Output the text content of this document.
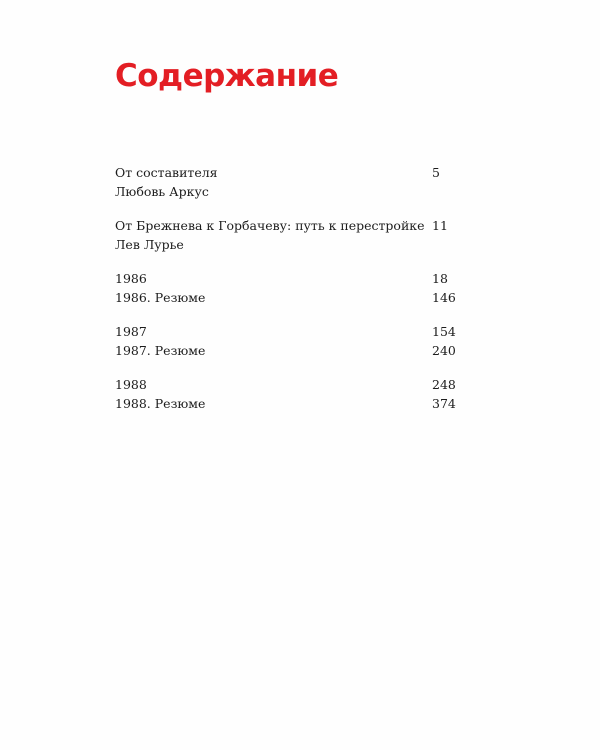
Содержание
От составителя	5
Любовь Аркус
От Брежнева к Горбачеву: путь к перестройке 11
Лев Лурье
1986	18
1986. Резюме	146
1987	154
1987. Резюме	240
1988	248
1988. Резюме	374
